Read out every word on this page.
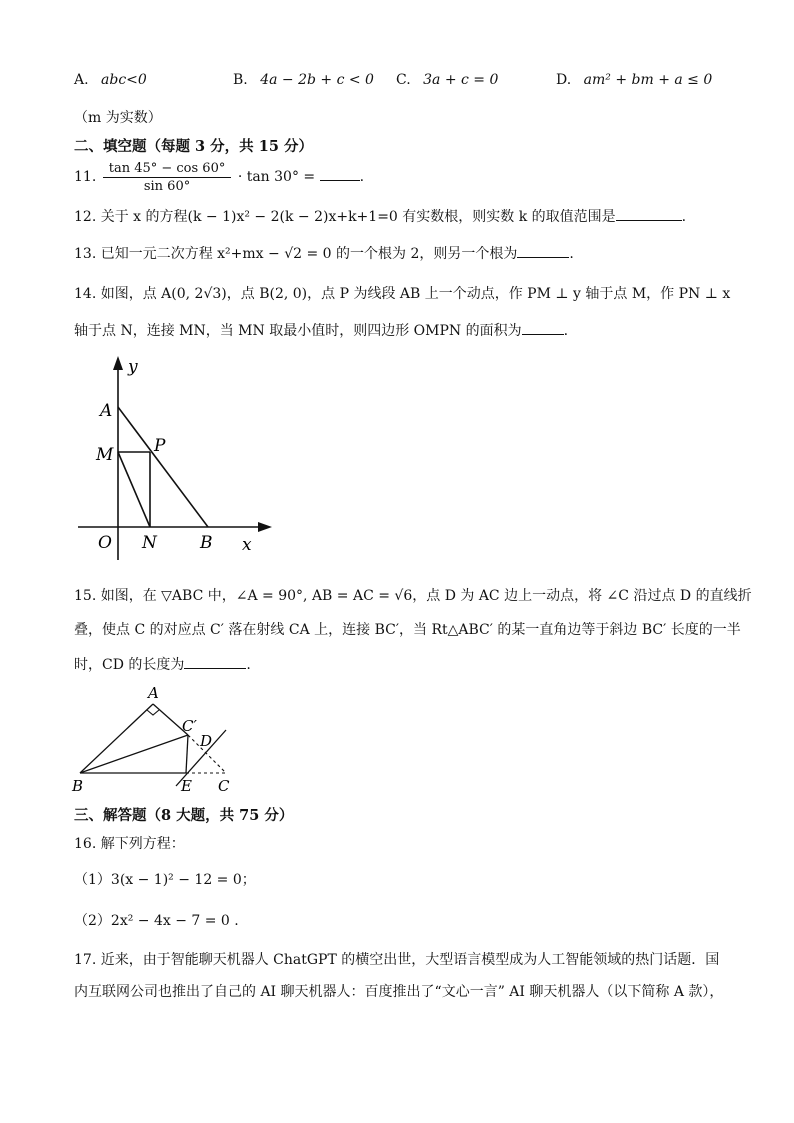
A. abc<0	B. 4a − 2b + c < 0 C. 3a + c = 0	D. am² + bm + a ≤ 0
（m 为实数）
二、填空题（每题 3 分，共 15 分）
11. $\frac{\tan 45^\circ - \cos 60^\circ}{\sin 60^\circ} \cdot \tan 30^\circ$ =	.
12. 关于 x 的方程(k − 1)x² − 2(k − 2)x+k+1=0 有实数根，则实数 k 的取值范围是	.
13. 已知一元二次方程 x²+mx − √2 = 0 的一个根为 2，则另一个根为	.
14. 如图，点 A(0, 2√3)，点 B(2, 0)，点 P 为线段 AB 上一个动点，作 PM ⊥ y 轴于点 M，作 PN ⊥ x
轴于点 N，连接 MN，当 MN 取最小值时，则四边形 OMPN 的面积为	.
y
x
A
M P
O N	B
15. 如图，在 ▽ABC 中，∠A = 90°, AB = AC = √6，点 D 为 AC 边上一动点，将 ∠C 沿过点 D 的直线折
叠，使点 C 的对应点 C′ 落在射线 CA 上，连接 BC′，当 Rt△ABC′ 的某一直角边等于斜边 BC′ 长度的一半
时，CD 的长度为	.
A
C′
D
B	E C
三、解答题（8 大题，共 75 分）
16. 解下列方程：
（1）3(x − 1)² − 12 = 0；
（2）2x² − 4x − 7 = 0 .
17. 近来，由于智能聊天机器人 ChatGPT 的横空出世，大型语言模型成为人工智能领域的热门话题．国
内互联网公司也推出了自己的 AI 聊天机器人：百度推出了“文心一言” AI 聊天机器人（以下简称 A 款），
